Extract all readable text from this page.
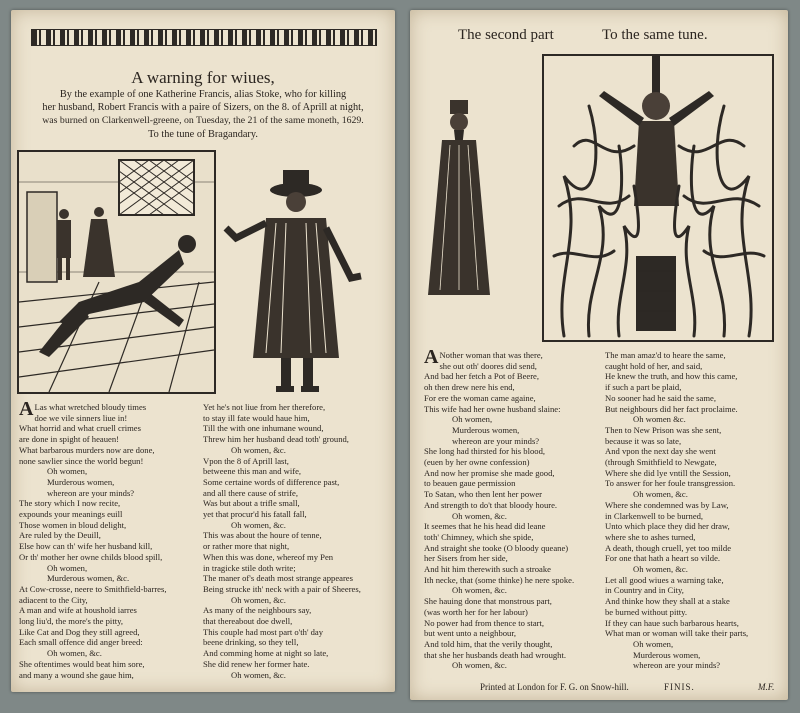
A warning for wiues,
By the example of one Katherine Francis, alias Stoke, who for killing
her husband, Robert Francis with a paire of Sizers, on the 8. of Aprill at night,
was burned on Clarkenwell-greene, on Tuesday, the 21 of the same moneth, 1629.
To the tune of Bragandary.
A Las what wretched bloudy times
doe we vile sinners liue in!
What horrid and what cruell crimes
are done in spight of heauen!
What barbarous murders now are done,
none sawlier since the world begun!
Oh women,
Murderous women,
whereon are your minds?
The story which I now recite,
expounds your meanings euill
Those women in bloud delight,
Are ruled by the Deuill,
Else how can th' wife her husband kill,
Or th' mother her owne childs blood spill,
Oh women,
Murderous women, &c.
At Cow-crosse, neere to Smithfield-barres,
adiacent to the City,
A man and wife at houshold iarres
long liu'd, the more's the pitty,
Like Cat and Dog they still agreed,
Each small offence did anger breed:
Oh women, &c.
She oftentimes would beat him sore,
and many a wound she gaue him,
Yet he's not liue from her therefore,
to stay ill fate would haue him,
Till the with one inhumane wound,
Threw him her husband dead toth' ground,
Oh women, &c.
Vpon the 8 of Aprill last,
betweene this man and wife,
Some certaine words of difference past,
and all there cause of strife,
Was but about a trifle small,
yet that procur'd his fatall fall,
Oh women, &c.
This was about the houre of tenne,
or rather more that night,
When this was done, whereof my Pen
in tragicke stile doth write;
The maner of's death most strange appeares
Being strucke ith' neck with a pair of Sheeres,
Oh women, &c.
As many of the neighbours say,
that thereabout doe dwell,
This couple had most part o'th' day
beene drinking, so they tell,
And comming home at night so late,
She did renew her former hate.
Oh women, &c.
The second part	To the same tune.
A Nother woman that was there,
she out oth' doores did send,
And bad her fetch a Pot of Beere,
oh then drew nere his end,
For ere the woman came againe,
This wife had her owne husband slaine:
Oh women,
Murderous women,
whereon are your minds?
She long had thirsted for his blood,
(euen by her owne confession)
And now her promise she made good,
to beauen gaue permission
To Satan, who then lent her power
And strength to do't that bloody houre.
Oh women, &c.
It seemes that he his head did leane
toth' Chimney, which she spide,
And straight she tooke (O bloody queane)
her Sisers from her side,
And hit him therewith such a stroake
Ith necke, that (some thinke) he nere spoke.
Oh women, &c.
She hauing done that monstrous part,
(was worth her for her labour)
No power had from thence to start,
but went unto a neighbour,
And told him, that the verily thought,
that she her husbands death had wrought.
Oh women, &c.
The man amaz'd to heare the same,
caught hold of her, and said,
He knew the truth, and how this came,
if such a part be plaid,
No sooner had he said the same,
But neighbours did her fact proclaime.
Oh women &c.
Then to New Prison was she sent,
because it was so late,
And vpon the next day she went
(through Smithfield to Newgate,
Where she did lye vntill the Session,
To answer for her foule transgression.
Oh women, &c.
Where she condemned was by Law,
in Clarkenwell to be burned,
Unto which place they did her draw,
where she to ashes turned,
A death, though cruell, yet too milde
For one that hath a heart so vilde.
Oh women, &c.
Let all good wiues a warning take,
in Country and in City,
And thinke how they shall at a stake
be burned without pitty.
If they can haue such barbarous hearts,
What man or woman will take their parts,
Oh women,
Murderous women,
whereon are your minds?
Printed at London for F. G. on Snow-hill.	FINIS.	M.F.
